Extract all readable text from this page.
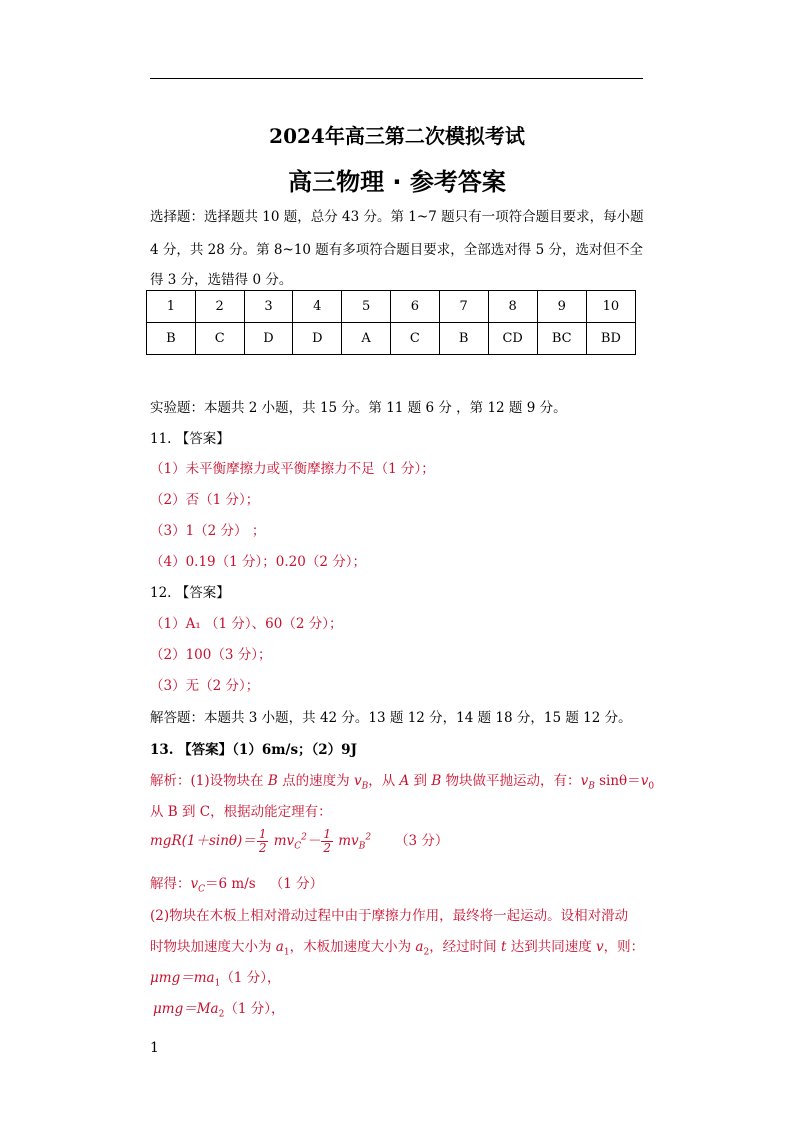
2024年高三第二次模拟考试
高三物理 · 参考答案
选择题：选择题共 10 题，总分 43 分。第 1~7 题只有一项符合题目要求，每小题
4 分，共 28 分。第 8~10 题有多项符合题目要求，全部选对得 5 分，选对但不全
得 3 分，选错得 0 分。
1	2	3	4	5	6	7	8	9	10
B	C	D	D	A	C	B	CD	BC	BD
实验题：本题共 2 小题，共 15 分。第 11 题 6 分 ，第 12 题 9 分。
11. 【答案】
（1）未平衡摩擦力或平衡摩擦力不足（1 分）；
（2）否（1 分）；
（3）1（2 分） ；
（4）0.19（1 分）；0.20（2 分）；
12. 【答案】
（1）A₁ （1 分）、60（2 分）；
（2）100（3 分）；
（3）无（2 分）；
解答题：本题共 3 小题，共 42 分。13 题 12 分，14 题 18 分，15 题 12 分。
13. 【答案】（1）6m/s；（2）9J
解析：(1)设物块在 B 点的速度为 $v_B$，从 A 到 B 物块做平抛运动，有：$v_B$ $\sin\theta=v_0$
从 B 到 C，根据动能定理有：
$mgR(1+\sin\theta)= \frac{1}{2} mv_C^2- \frac{1}{2} mv_B^2$ （3 分）
解得：$v_C=6$ m/s （1 分）
(2)物块在木板上相对滑动过程中由于摩擦力作用，最终将一起运动。设相对滑动
时物块加速度大小为 $a_1$，木板加速度大小为 $a_2$，经过时间 t 达到共同速度 v，则：
$\mu mg=ma_1(1$ 分），
$\mu mg=Ma_2(1$ 分），
1
